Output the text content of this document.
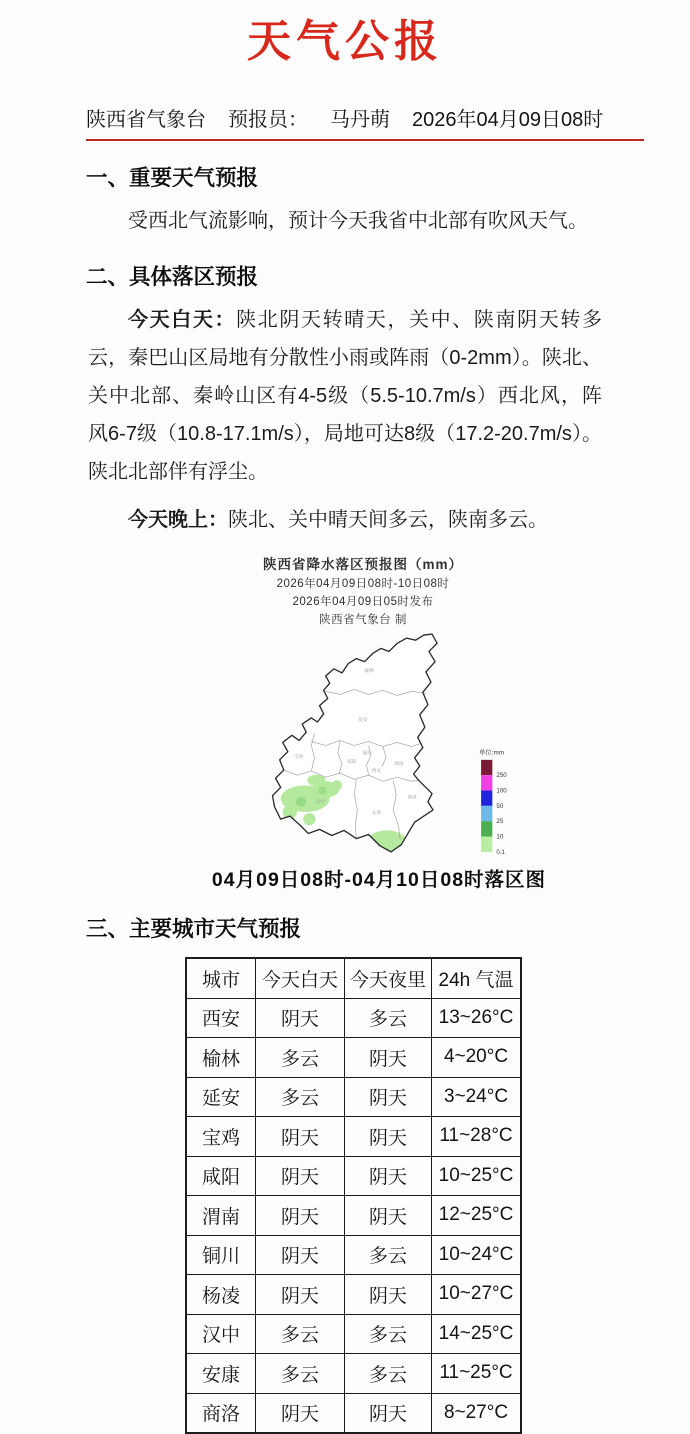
天气公报
陕西省气象台 预报员： 马丹萌 2026年04月09日08时
一、重要天气预报

受西北气流影响，预计今天我省中北部有吹风天气。

二、具体落区预报

今天白天：陕北阴天转晴天，关中、陕南阴天转多云，秦巴山区局地有分散性小雨或阵雨（0-2mm）。陕北、关中北部、秦岭山区有4-5级（5.5-10.7m/s）西北风，阵风6-7级（10.8-17.1m/s），局地可达8级（17.2-20.7m/s）。陕北北部伴有浮尘。

今天晚上：陕北、关中晴天间多云，陕南多云。

陕西省降水落区预报图（mm）
2026年04月09日08时-10日08时
2026年04月09日05时发布
陕西省气象台 制
榆林
延安
铜川
渭南
咸阳
西安
宝鸡
汉中
安康
商洛
单位:mm
250
100
50
25
10
0.1
04月09日08时-04月10日08时落区图
三、主要城市天气预报
城市	今天白天	今天夜里	24h 气温
西安	阴天	多云	13~26°C
榆林	多云	阴天	4~20°C
延安	多云	阴天	3~24°C
宝鸡	阴天	阴天	11~28°C
咸阳	阴天	阴天	10~25°C
渭南	阴天	阴天	12~25°C
铜川	阴天	多云	10~24°C
杨凌	阴天	阴天	10~27°C
汉中	多云	多云	14~25°C
安康	多云	多云	11~25°C
商洛	阴天	阴天	8~27°C
